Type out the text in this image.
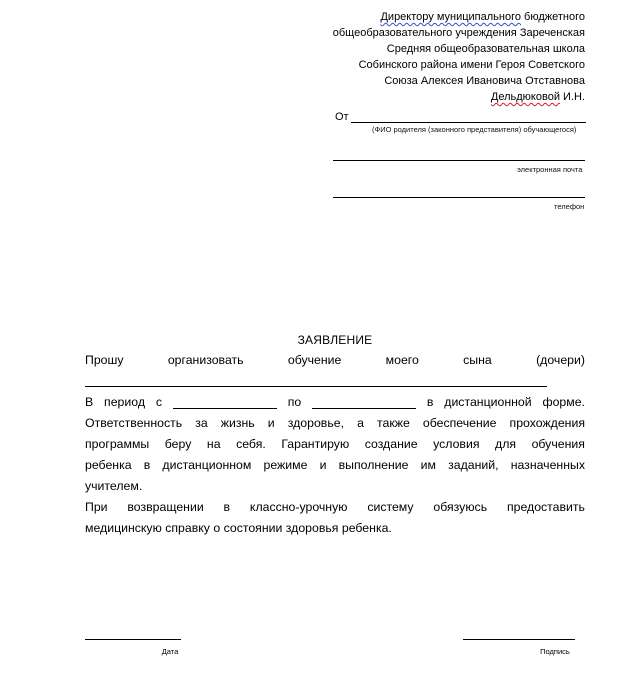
Директору муниципального бюджетного
общеобразовательного учреждения Зареченская
Средняя общеобразовательная школа
Собинского района имени Героя Советского
Союза Алексея Ивановича Отставнова
Дельдюковой И.Н.
От
(ФИО родителя (законного представителя) обучающегося)
электронная почта
телефон
ЗАЯВЛЕНИЕ
Прошу	организовать	обучение	моего	сына	(дочери)
В период с	по	в дистанционной форме.
Ответственность за жизнь и здоровье, а также обеспечение прохождения
программы беру на себя. Гарантирую создание условия для обучения
ребенка в дистанционном режиме и выполнение им заданий, назначенных
учителем.
При возвращении в классно-урочную систему обязуюсь предоставить
медицинскую справку о состоянии здоровья ребенка.
Дата	Подпись
